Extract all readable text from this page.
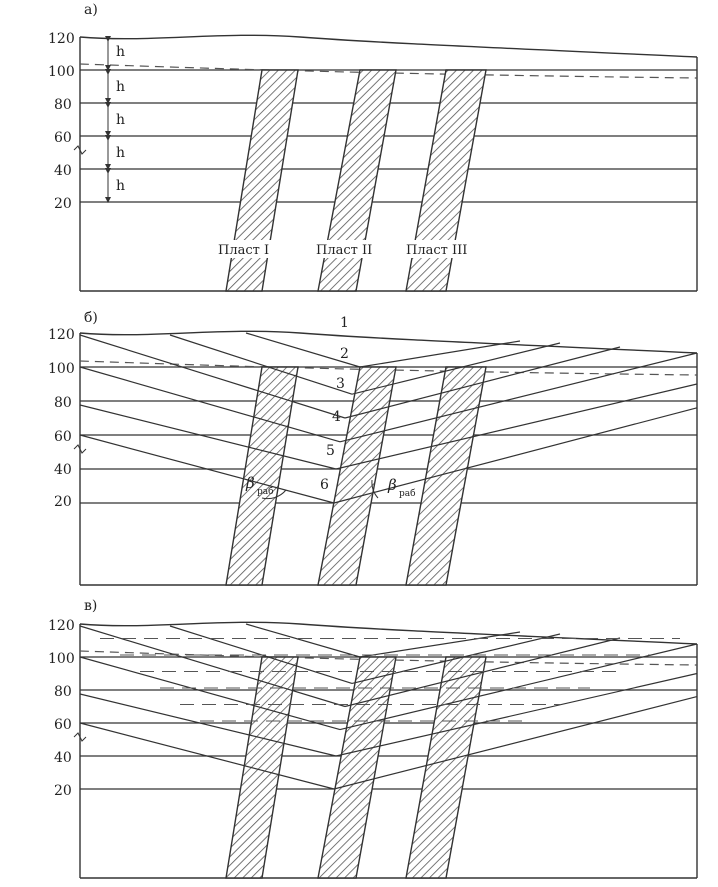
а)
б)
в)
120
100
80
60
40
20
h
h
h
h
h
Пласт I	Пласт II	Пласт III
120
100
80
60
40
20
1
2
3
4
5
6
β раб	β раб
120
100
80
60
40
20
